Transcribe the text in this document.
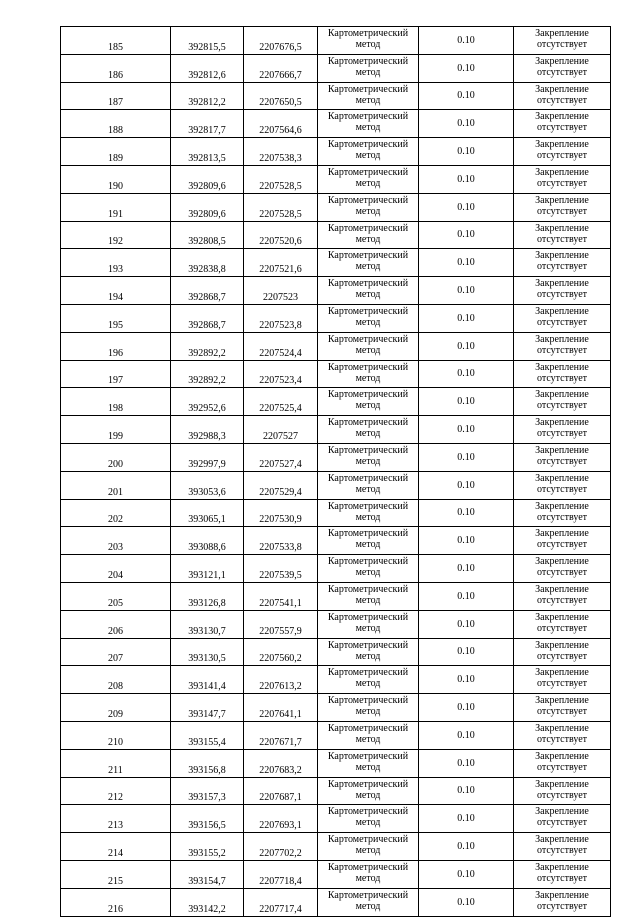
185	392815,5	2207676,5	Картометрический
метод	0.10	Закрепление
отсутствует

186	392812,6	2207666,7	Картометрический
метод	0.10	Закрепление
отсутствует

187	392812,2	2207650,5	Картометрический
метод	0.10	Закрепление
отсутствует

188	392817,7	2207564,6	Картометрический
метод	0.10	Закрепление
отсутствует

189	392813,5	2207538,3	Картометрический
метод	0.10	Закрепление
отсутствует

190	392809,6	2207528,5	Картометрический
метод	0.10	Закрепление
отсутствует

191	392809,6	2207528,5	Картометрический
метод	0.10	Закрепление
отсутствует

192	392808,5	2207520,6	Картометрический
метод	0.10	Закрепление
отсутствует

193	392838,8	2207521,6	Картометрический
метод	0.10	Закрепление
отсутствует

194	392868,7	2207523	Картометрический
метод	0.10	Закрепление
отсутствует

195	392868,7	2207523,8	Картометрический
метод	0.10	Закрепление
отсутствует

196	392892,2	2207524,4	Картометрический
метод	0.10	Закрепление
отсутствует

197	392892,2	2207523,4	Картометрический
метод	0.10	Закрепление
отсутствует

198	392952,6	2207525,4	Картометрический
метод	0.10	Закрепление
отсутствует

199	392988,3	2207527	Картометрический
метод	0.10	Закрепление
отсутствует

200	392997,9	2207527,4	Картометрический
метод	0.10	Закрепление
отсутствует

201	393053,6	2207529,4	Картометрический
метод	0.10	Закрепление
отсутствует

202	393065,1	2207530,9	Картометрический
метод	0.10	Закрепление
отсутствует

203	393088,6	2207533,8	Картометрический
метод	0.10	Закрепление
отсутствует

204	393121,1	2207539,5	Картометрический
метод	0.10	Закрепление
отсутствует

205	393126,8	2207541,1	Картометрический
метод	0.10	Закрепление
отсутствует

206	393130,7	2207557,9	Картометрический
метод	0.10	Закрепление
отсутствует

207	393130,5	2207560,2	Картометрический
метод	0.10	Закрепление
отсутствует

208	393141,4	2207613,2	Картометрический
метод	0.10	Закрепление
отсутствует

209	393147,7	2207641,1	Картометрический
метод	0.10	Закрепление
отсутствует

210	393155,4	2207671,7	Картометрический
метод	0.10	Закрепление
отсутствует

211	393156,8	2207683,2	Картометрический
метод	0.10	Закрепление
отсутствует

212	393157,3	2207687,1	Картометрический
метод	0.10	Закрепление
отсутствует

213	393156,5	2207693,1	Картометрический
метод	0.10	Закрепление
отсутствует

214	393155,2	2207702,2	Картометрический
метод	0.10	Закрепление
отсутствует

215	393154,7	2207718,4	Картометрический
метод	0.10	Закрепление
отсутствует

216	393142,2	2207717,4	Картометрический
метод	0.10	Закрепление
отсутствует
